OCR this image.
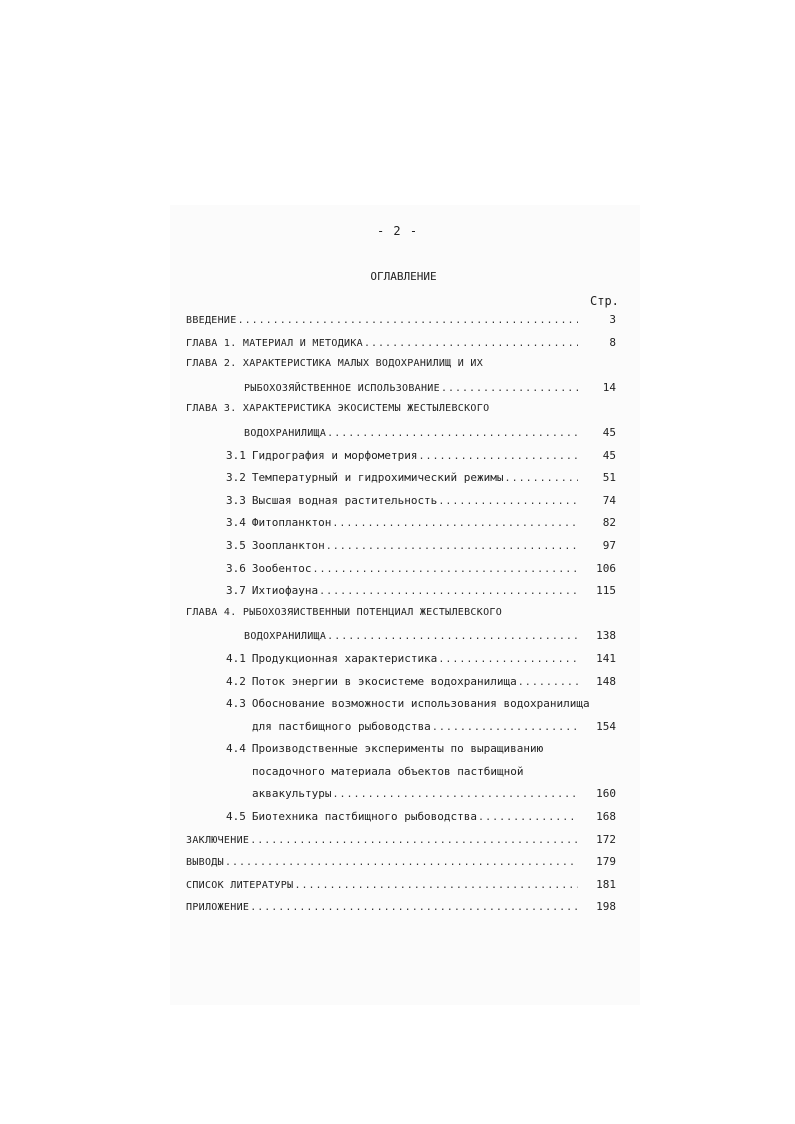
- 2 -
ОГЛАВЛЕНИЕ
Стр.
ВВЕДЕНИЕ .....	3
ГЛАВА 1. МАТЕРИАЛ И МЕТОДИКА .....	8
ГЛАВА 2. ХАРАКТЕРИСТИКА МАЛЫХ ВОДОХРАНИЛИЩ И ИХ
РЫБОХОЗЯЙСТВЕННОЕ ИСПОЛЬЗОВАНИЕ .....	14
ГЛАВА 3. ХАРАКТЕРИСТИКА ЭКОСИСТЕМЫ ЖЕСТЫЛЕВСКОГО
ВОДОХРАНИЛИЩА .....	45
3.1 Гидрография и морфометрия .....	45
3.2 Температурный и гидрохимический режимы .....	51
3.3 Высшая водная растительность .....	74
3.4 Фитопланктон .....	82
3.5 Зоопланктон .....	97
3.6 Зообентос .....	106
3.7 Ихтиофауна .....	115
ГЛАВА 4. РЫБОХОЗЯЙСТВЕННЫЙ ПОТЕНЦИАЛ ЖЕСТЫЛЕВСКОГО
ВОДОХРАНИЛИЩА .....	138
4.1 Продукционная характеристика .....	141
4.2 Поток энергии в экосистеме водохранилища .....	148
4.3 Обоснование возможности использования водохранилища
для пастбищного рыбоводства .....	154
4.4 Производственные эксперименты по выращиванию
посадочного материала объектов пастбищной
аквакультуры .....	160
4.5 Биотехника пастбищного рыбоводства .....	168
ЗАКЛЮЧЕНИЕ .....	172
ВЫВОДЫ .....	179
СПИСОК ЛИТЕРАТУРЫ .....	181
ПРИЛОЖЕНИЕ .....	198
